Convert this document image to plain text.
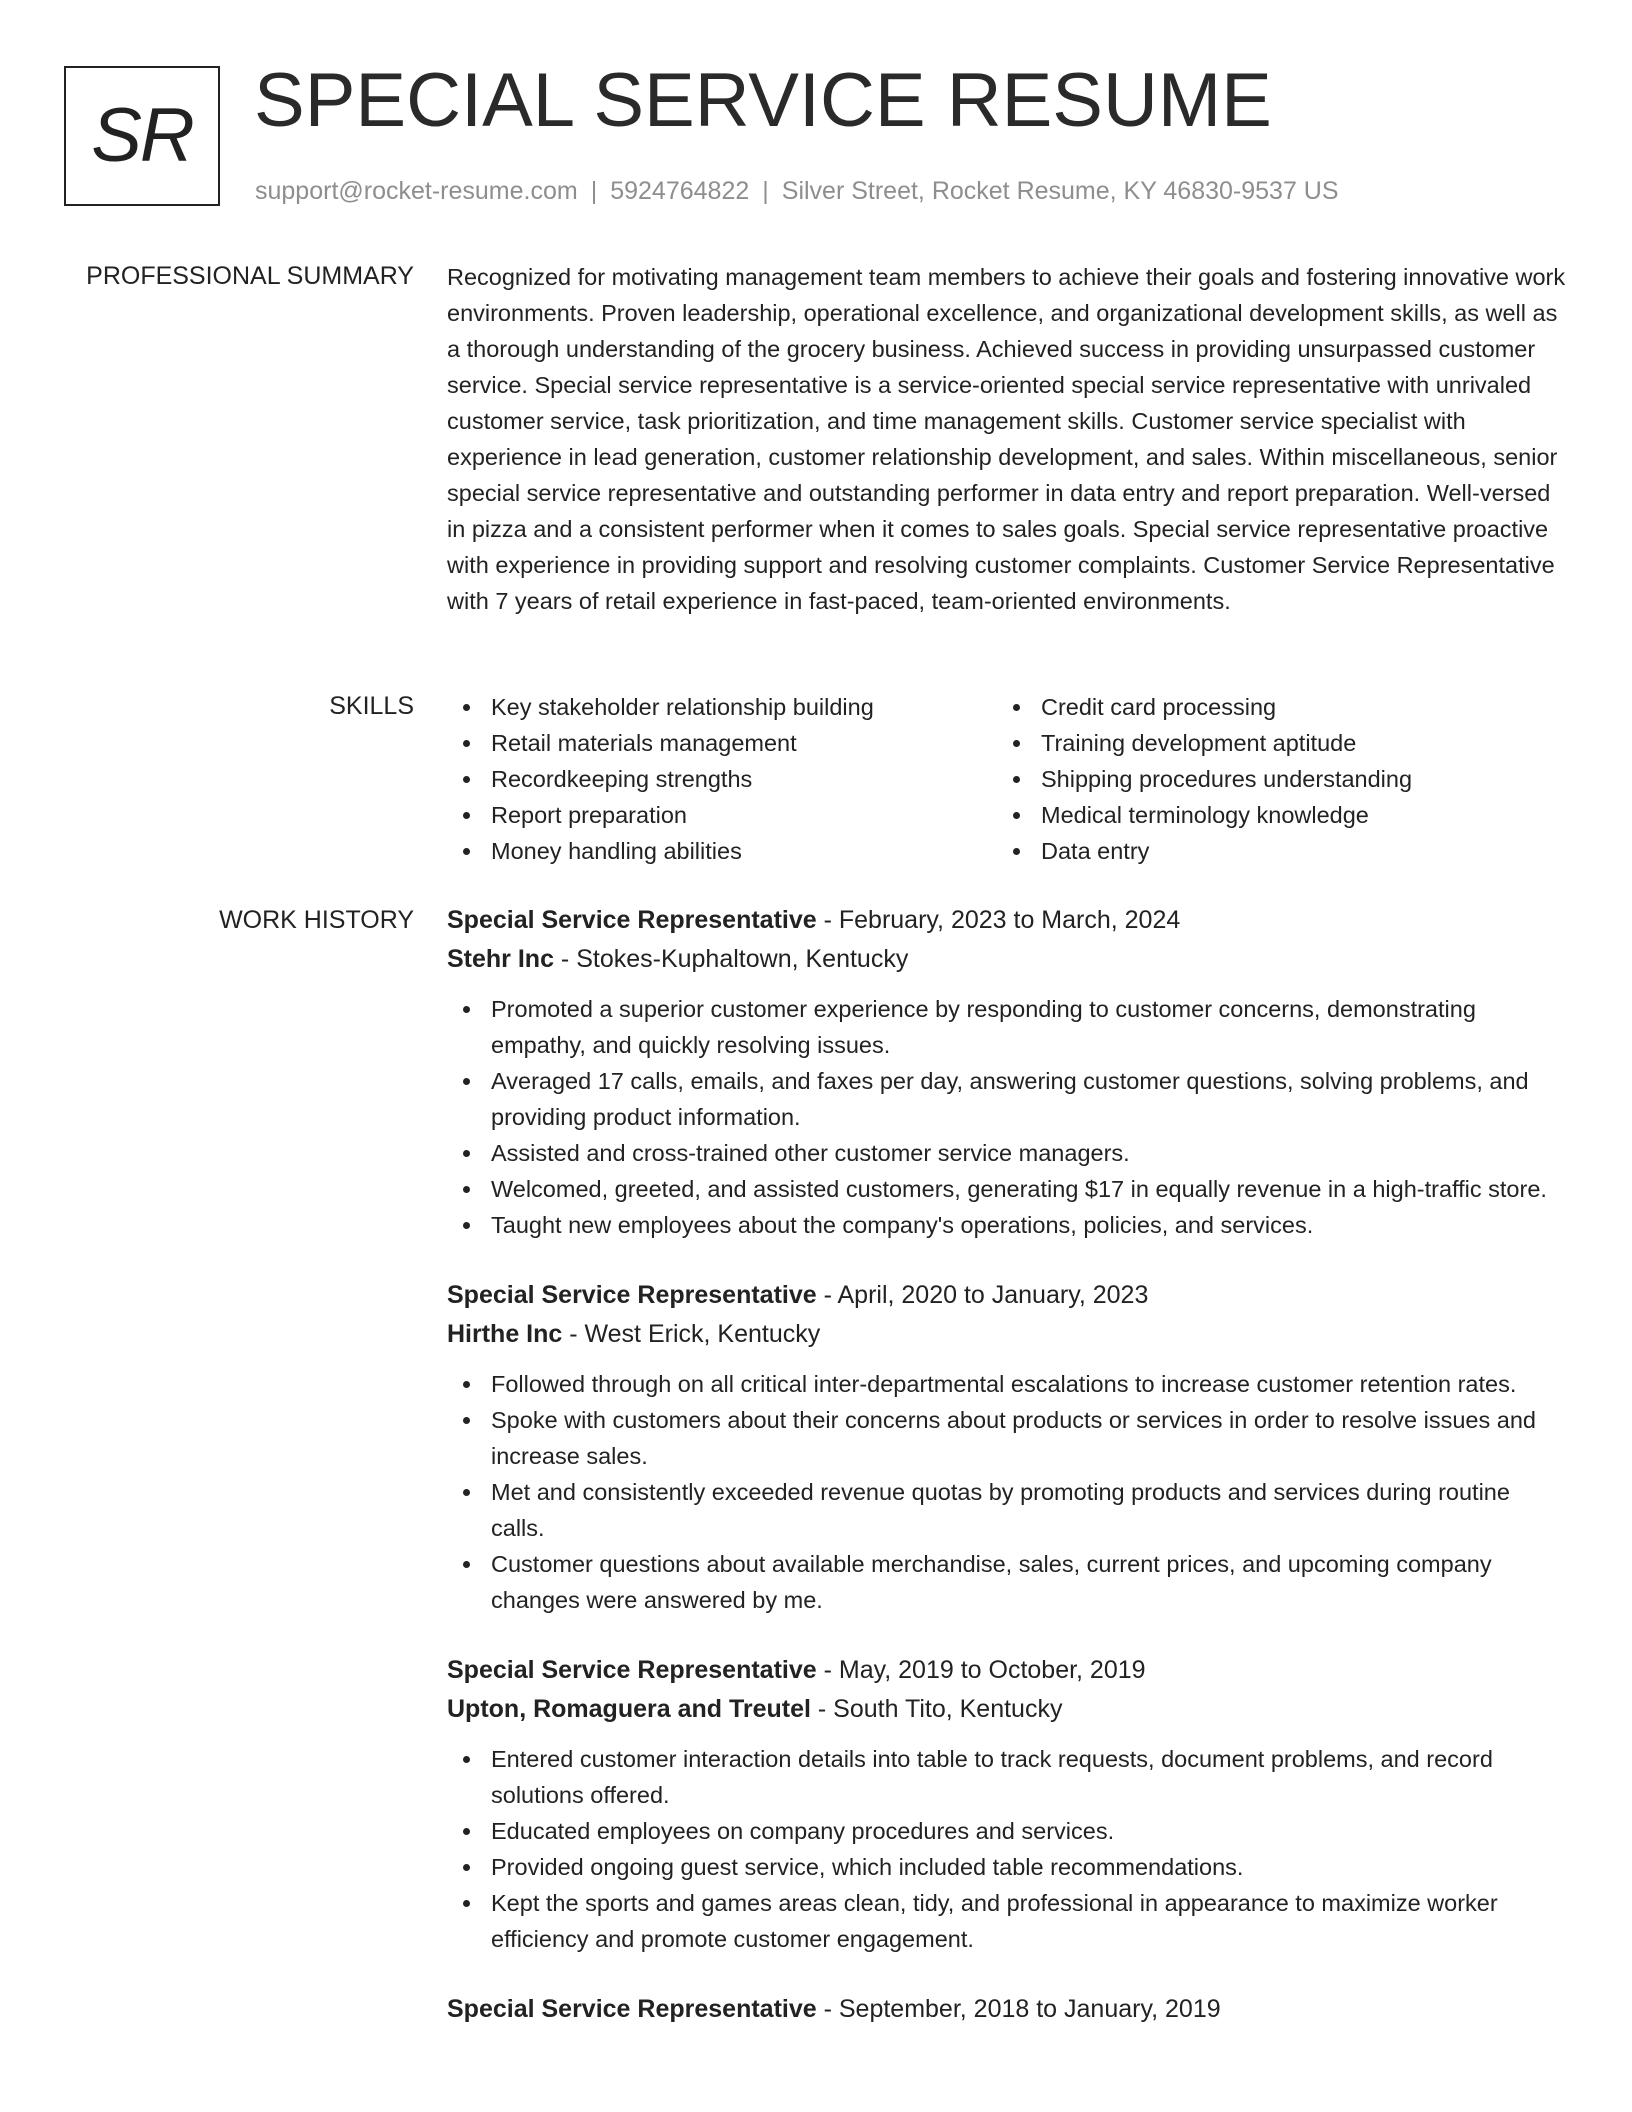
SR SPECIAL SERVICE RESUME
support@rocket-resume.com | 5924764822 | Silver Street, Rocket Resume, KY 46830-9537 US
PROFESSIONAL SUMMARY Recognized for motivating management team members to achieve their goals and fostering innovative work environments. Proven leadership, operational excellence, and organizational development skills, as well as a thorough understanding of the grocery business. Achieved success in providing unsurpassed customer service. Special service representative is a service-oriented special service representative with unrivaled customer service, task prioritization, and time management skills. Customer service specialist with experience in lead generation, customer relationship development, and sales. Within miscellaneous, senior special service representative and outstanding performer in data entry and report preparation. Well-versed in pizza and a consistent performer when it comes to sales goals. Special service representative proactive with experience in providing support and resolving customer complaints. Customer Service Representative with 7 years of retail experience in fast-paced, team-oriented environments.

SKILLS	Key stakeholder relationship building
Retail materials management
Recordkeeping strengths
Report preparation
Money handling abilities
Credit card processing
Training development aptitude
Shipping procedures understanding
Medical terminology knowledge
Data entry
WORK HISTORY Special Service Representative - February, 2023 to March, 2024
Stehr Inc - Stokes-Kuphaltown, Kentucky
Promoted a superior customer experience by responding to customer concerns, demonstrating empathy, and quickly resolving issues.
Averaged 17 calls, emails, and faxes per day, answering customer questions, solving problems, and providing product information.
Assisted and cross-trained other customer service managers.
Welcomed, greeted, and assisted customers, generating $17 in equally revenue in a high-traffic store.
Taught new employees about the company's operations, policies, and services.
Special Service Representative - April, 2020 to January, 2023
Hirthe Inc - West Erick, Kentucky
Followed through on all critical inter-departmental escalations to increase customer retention rates.
Spoke with customers about their concerns about products or services in order to resolve issues and increase sales.
Met and consistently exceeded revenue quotas by promoting products and services during routine calls.
Customer questions about available merchandise, sales, current prices, and upcoming company changes were answered by me.
Special Service Representative - May, 2019 to October, 2019
Upton, Romaguera and Treutel - South Tito, Kentucky
Entered customer interaction details into table to track requests, document problems, and record solutions offered.
Educated employees on company procedures and services.
Provided ongoing guest service, which included table recommendations.
Kept the sports and games areas clean, tidy, and professional in appearance to maximize worker efficiency and promote customer engagement.
Special Service Representative - September, 2018 to January, 2019
